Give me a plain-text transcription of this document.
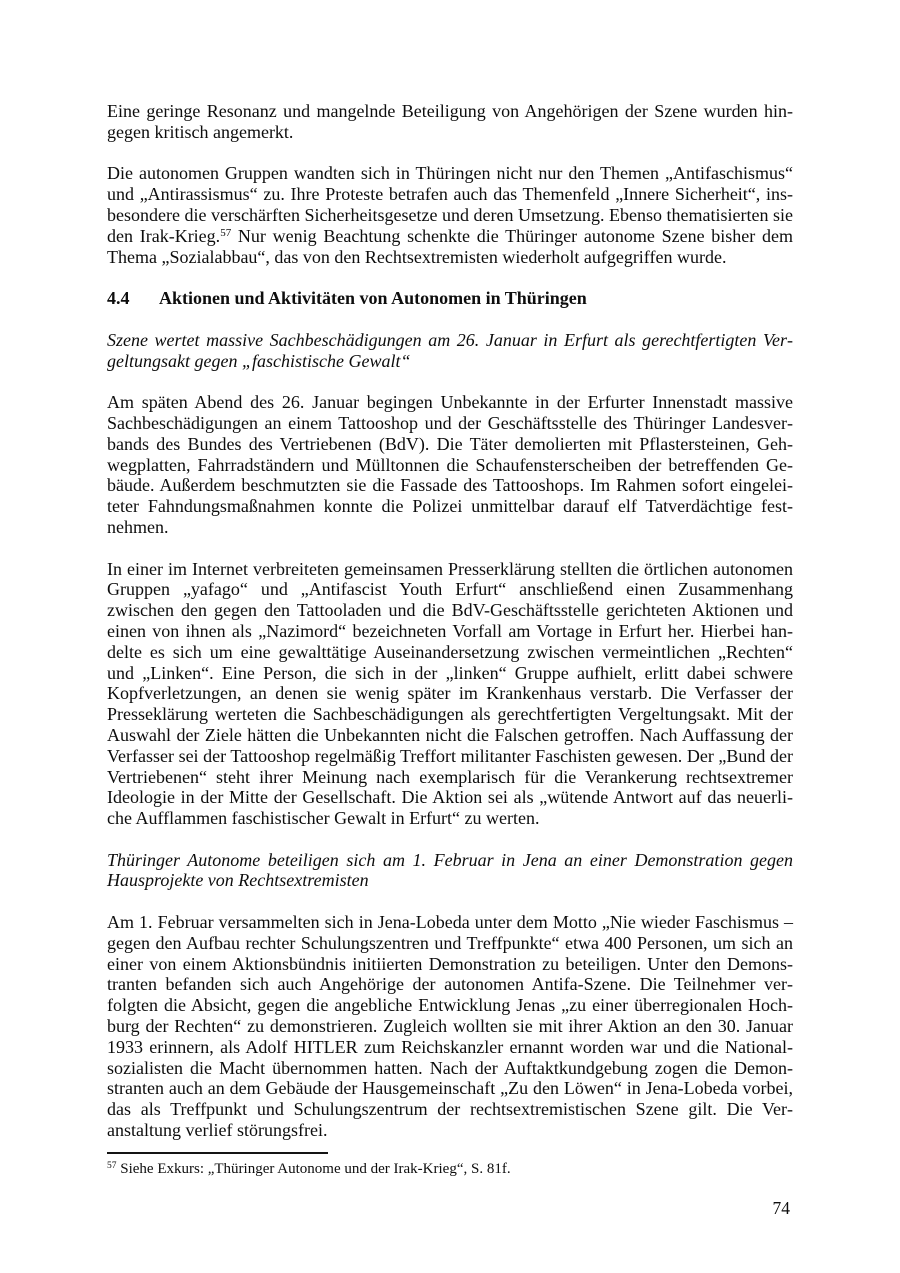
Eine geringe Resonanz und mangelnde Beteiligung von Angehörigen der Szene wurden hingegen kritisch angemerkt.

Die autonomen Gruppen wandten sich in Thüringen nicht nur den Themen „Antifaschismus“ und „Antirassismus“ zu. Ihre Proteste betrafen auch das Themenfeld „Innere Sicherheit“, insbesondere die verschärften Sicherheitsgesetze und deren Umsetzung. Ebenso thematisierten sie den Irak-Krieg.$^{57}$ Nur wenig Beachtung schenkte die Thüringer autonome Szene bisher dem Thema „Sozialabbau“, das von den Rechtsextremisten wiederholt aufgegriffen wurde.

4.4	Aktionen und Aktivitäten von Autonomen in Thüringen

Szene wertet massive Sachbeschädigungen am 26. Januar in Erfurt als gerechtfertigten Vergeltungsakt gegen „faschistische Gewalt“

Am späten Abend des 26. Januar begingen Unbekannte in der Erfurter Innenstadt massive Sachbeschädigungen an einem Tattooshop und der Geschäftsstelle des Thüringer Landesverbands des Bundes des Vertriebenen (BdV). Die Täter demolierten mit Pflastersteinen, Gehwegplatten, Fahrradständern und Mülltonnen die Schaufensterscheiben der betreffenden Gebäude. Außerdem beschmutzten sie die Fassade des Tattooshops. Im Rahmen sofort eingeleiteter Fahndungsmaßnahmen konnte die Polizei unmittelbar darauf elf Tatverdächtige festnehmen.

In einer im Internet verbreiteten gemeinsamen Presserklärung stellten die örtlichen autonomen Gruppen „yafago“ und „Antifascist Youth Erfurt“ anschließend einen Zusammenhang zwischen den gegen den Tattooladen und die BdV-Geschäftsstelle gerichteten Aktionen und einen von ihnen als „Nazimord“ bezeichneten Vorfall am Vortage in Erfurt her. Hierbei handelte es sich um eine gewalttätige Auseinandersetzung zwischen vermeintlichen „Rechten“ und „Linken“. Eine Person, die sich in der „linken“ Gruppe aufhielt, erlitt dabei schwere Kopfverletzungen, an denen sie wenig später im Krankenhaus verstarb. Die Verfasser der Presseklärung werteten die Sachbeschädigungen als gerechtfertigten Vergeltungsakt. Mit der Auswahl der Ziele hätten die Unbekannten nicht die Falschen getroffen. Nach Auffassung der Verfasser sei der Tattooshop regelmäßig Treffort militanter Faschisten gewesen. Der „Bund der Vertriebenen“ steht ihrer Meinung nach exemplarisch für die Verankerung rechtsextremer Ideologie in der Mitte der Gesellschaft. Die Aktion sei als „wütende Antwort auf das neuerliche Aufflammen faschistischer Gewalt in Erfurt“ zu werten.

Thüringer Autonome beteiligen sich am 1. Februar in Jena an einer Demonstration gegen Hausprojekte von Rechtsextremisten

Am 1. Februar versammelten sich in Jena-Lobeda unter dem Motto „Nie wieder Faschismus – gegen den Aufbau rechter Schulungszentren und Treffpunkte“ etwa 400 Personen, um sich an einer von einem Aktionsbündnis initiierten Demonstration zu beteiligen. Unter den Demonstranten befanden sich auch Angehörige der autonomen Antifa-Szene. Die Teilnehmer verfolgten die Absicht, gegen die angebliche Entwicklung Jenas „zu einer überregionalen Hochburg der Rechten“ zu demonstrieren. Zugleich wollten sie mit ihrer Aktion an den 30. Januar 1933 erinnern, als Adolf HITLER zum Reichskanzler ernannt worden war und die Nationalsozialisten die Macht übernommen hatten. Nach der Auftaktkundgebung zogen die Demonstranten auch an dem Gebäude der Hausgemeinschaft „Zu den Löwen“ in Jena-Lobeda vorbei, das als Treffpunkt und Schulungszentrum der rechtsextremistischen Szene gilt. Die Veranstaltung verlief störungsfrei.

$^{57}$ Siehe Exkurs: „Thüringer Autonome und der Irak-Krieg“, S. 81f.

74
